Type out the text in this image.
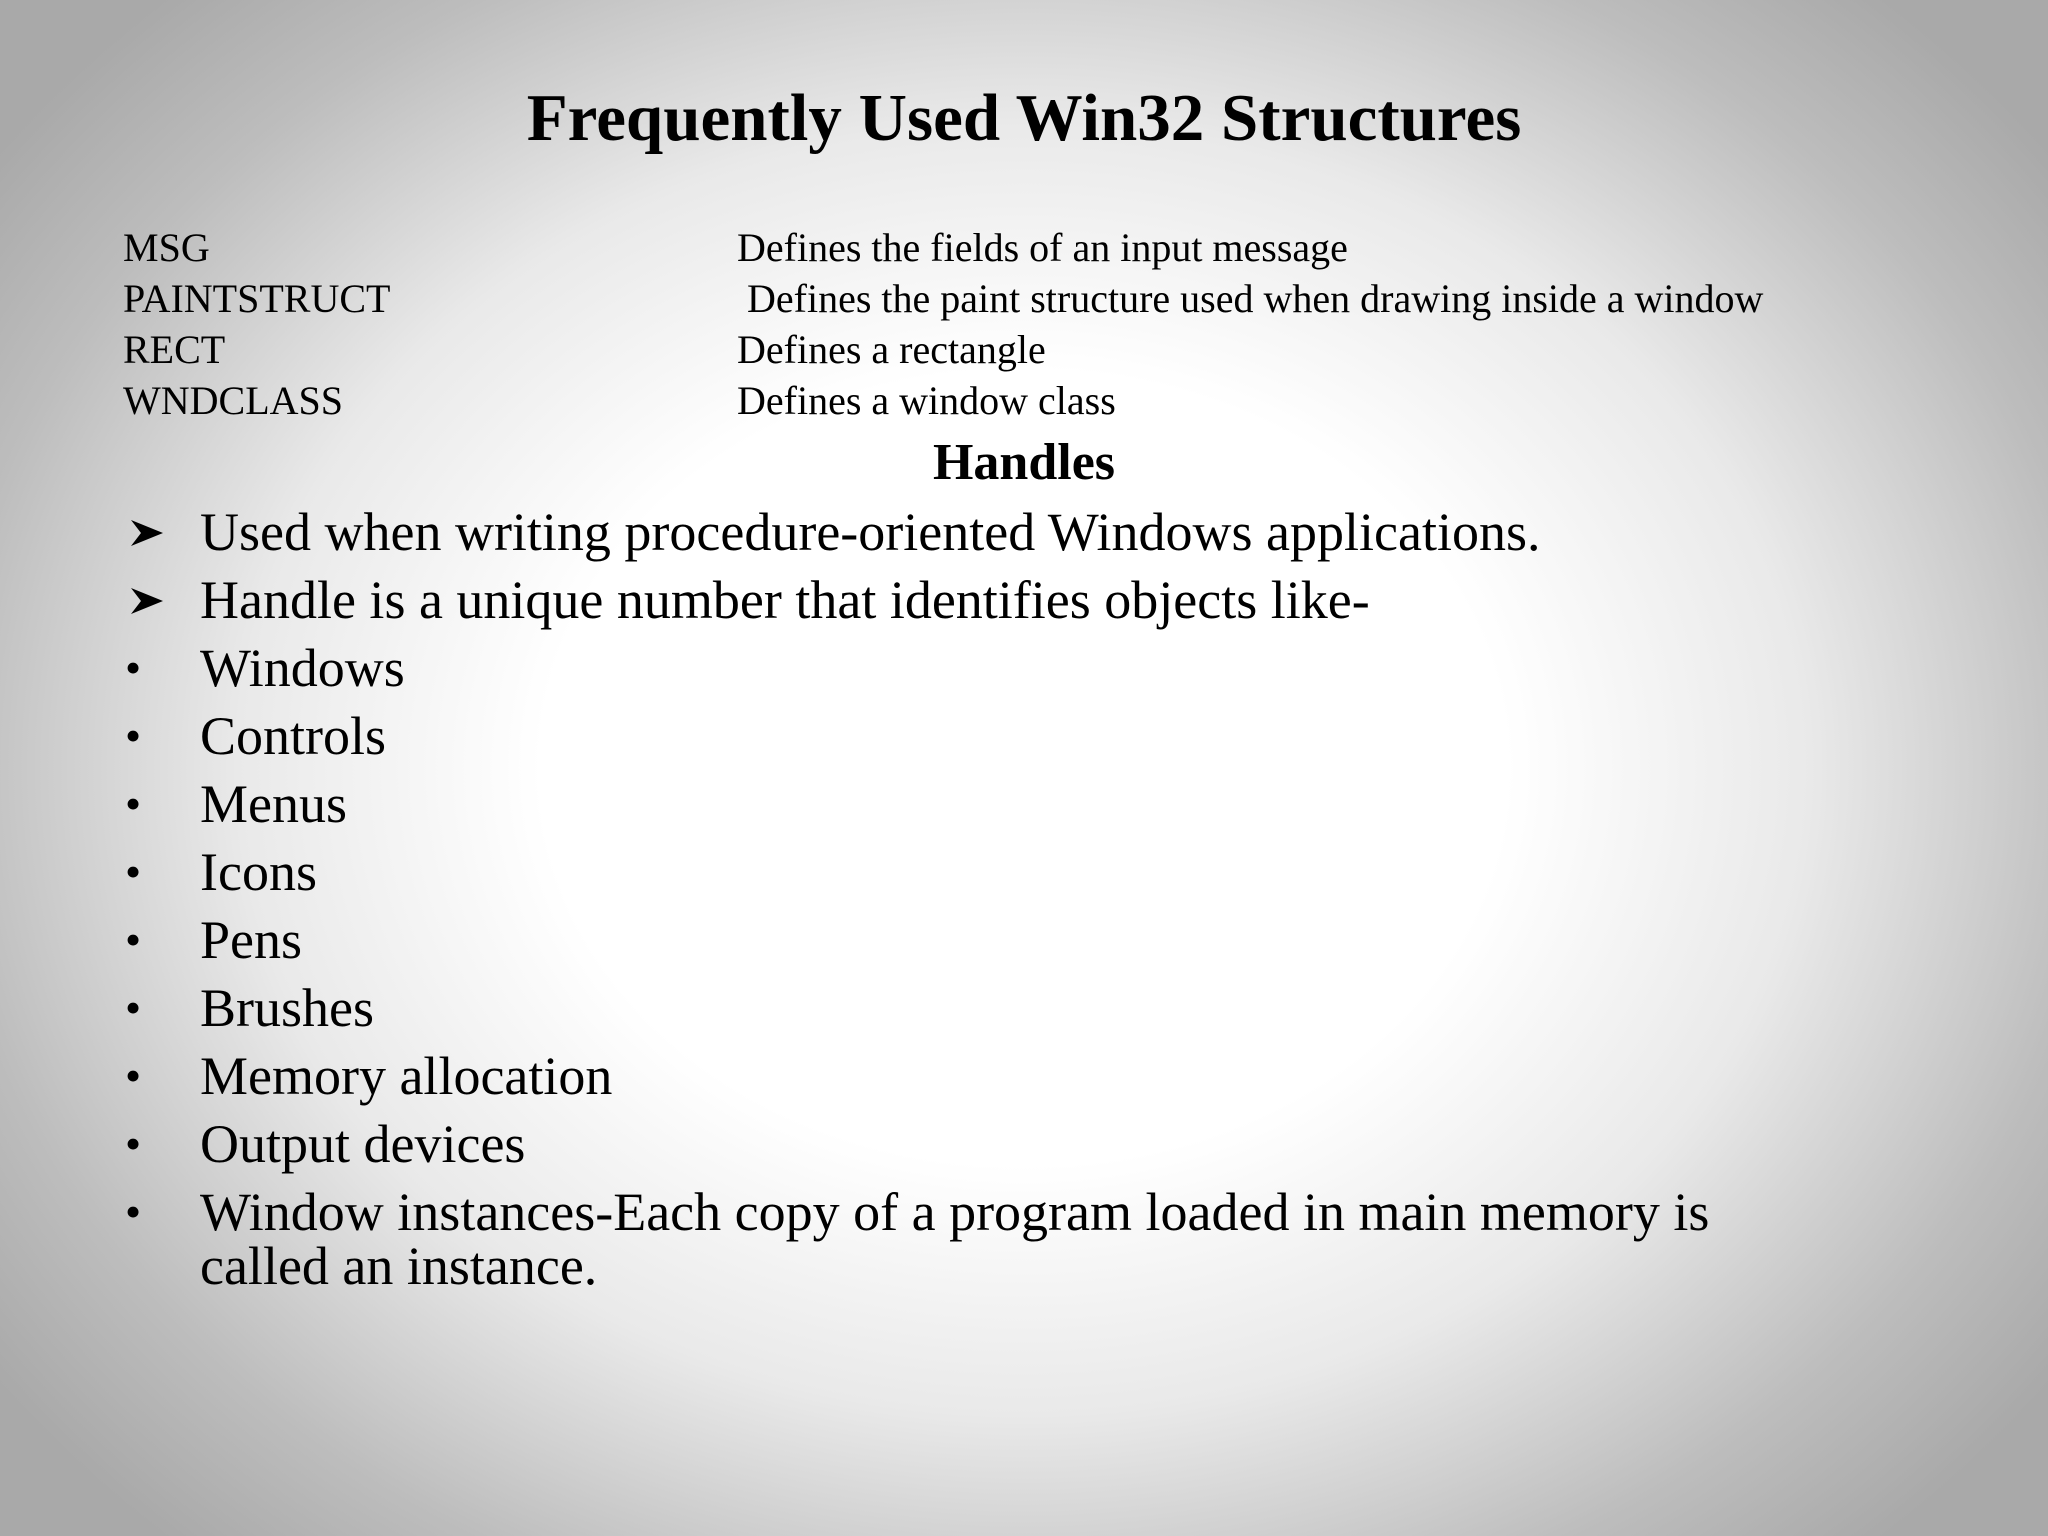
Frequently Used Win32 Structures
MSG	Defines the fields of an input message
PAINTSTRUCT	Defines the paint structure used when drawing inside a window
RECT	Defines a rectangle
WNDCLASS	Defines a window class
Handles
Used when writing procedure-oriented Windows applications.
Handle is a unique number that identifies objects like-
• Windows
• Controls
• Menus
• Icons
• Pens
• Brushes
• Memory allocation
• Output devices
• Window instances-Each copy of a program loaded in main memory is
called an instance.
